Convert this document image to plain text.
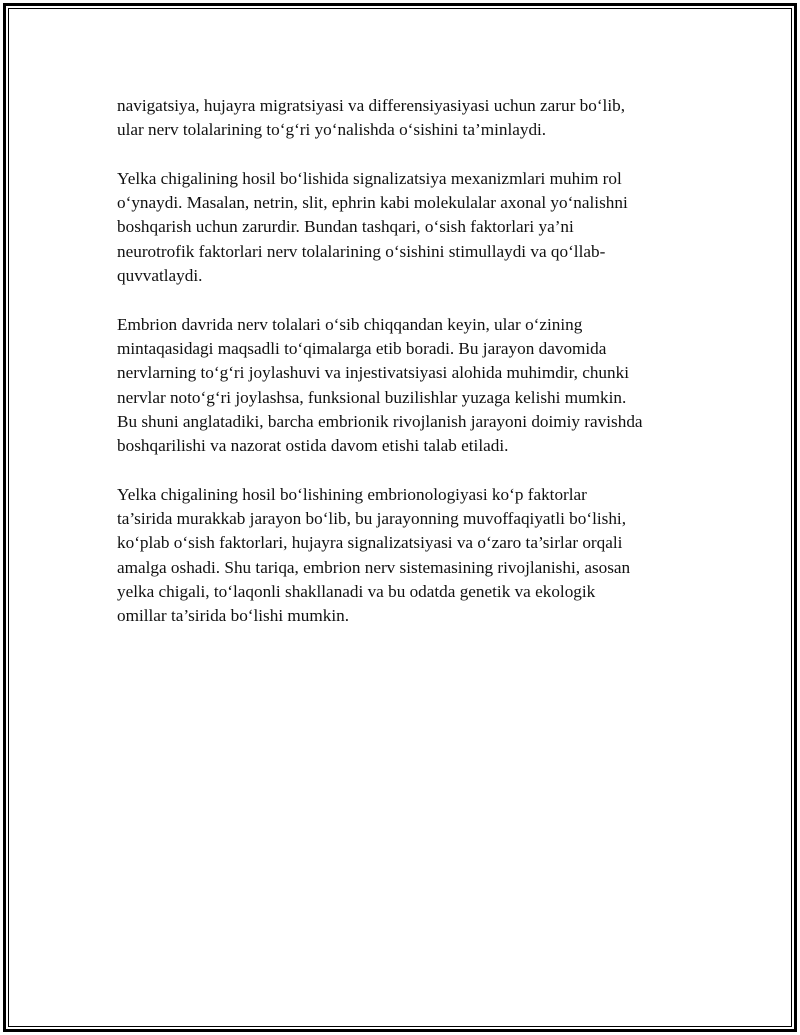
navigatsiya, hujayra migratsiyasi va differensiyasiyasi uchun zarur bo‘lib,
ular nerv tolalarining to‘g‘ri yo‘nalishda o‘sishini ta’minlaydi.

Yelka chigalining hosil bo‘lishida signalizatsiya mexanizmlari muhim rol
o‘ynaydi. Masalan, netrin, slit, ephrin kabi molekulalar axonal yo‘nalishni
boshqarish uchun zarurdir. Bundan tashqari, o‘sish faktorlari ya’ni
neurotrofik faktorlari nerv tolalarining o‘sishini stimullaydi va qo‘llab-
quvvatlaydi.

Embrion davrida nerv tolalari o‘sib chiqqandan keyin, ular o‘zining
mintaqasidagi maqsadli to‘qimalarga etib boradi. Bu jarayon davomida
nervlarning to‘g‘ri joylashuvi va injestivatsiyasi alohida muhimdir, chunki
nervlar noto‘g‘ri joylashsa, funksional buzilishlar yuzaga kelishi mumkin.
Bu shuni anglatadiki, barcha embrionik rivojlanish jarayoni doimiy ravishda
boshqarilishi va nazorat ostida davom etishi talab etiladi.

Yelka chigalining hosil bo‘lishining embrionologiyasi ko‘p faktorlar
ta’sirida murakkab jarayon bo‘lib, bu jarayonning muvoffaqiyatli bo‘lishi,
ko‘plab o‘sish faktorlari, hujayra signalizatsiyasi va o‘zaro ta’sirlar orqali
amalga oshadi. Shu tariqa, embrion nerv sistemasining rivojlanishi, asosan
yelka chigali, to‘laqonli shakllanadi va bu odatda genetik va ekologik
omillar ta’sirida bo‘lishi mumkin.
